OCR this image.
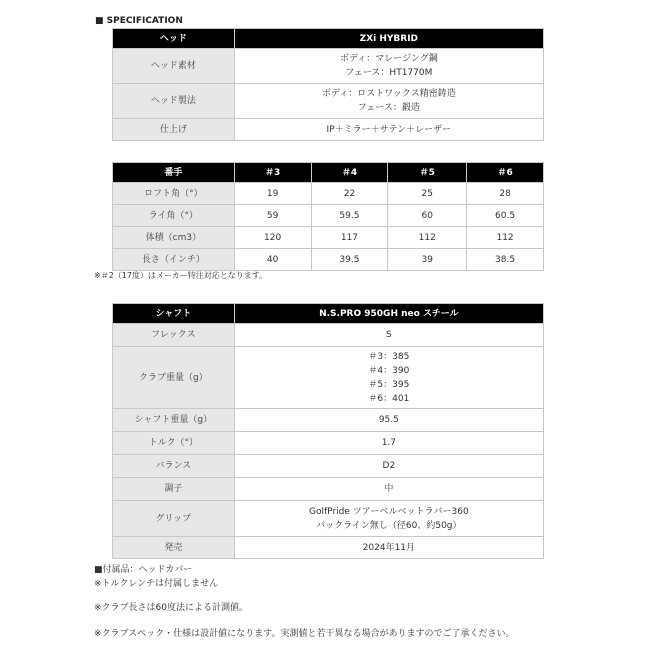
■ SPECIFICATION
ヘッド	ZXi HYBRID
ヘッド素材	ボディ：マレージング鋼
フェース：HT1770M
ヘッド製法	ボディ：ロストワックス精密鋳造
フェース：鍛造
仕上げ	IP＋ミラー＋サテン＋レーザー
番手	＃3	＃4	＃5	＃6
ロフト角（°）	19	22	25	28
ライ角（°）	59	59.5	60	60.5
体積（cm3）	120	117	112	112
長さ（インチ）	40	39.5	39	38.5
※＃2（17度）はメーカー特注対応となります。
シャフト	N.S.PRO 950GH neo スチール
フレックス	S
クラブ重量（g）	＃3：385
＃4：390
＃5：395
＃6：401
シャフト重量（g）	95.5
トルク（°）	1.7
バランス	D2
調子	中
グリップ	GolfPride ツアーベルベットラバー360
バックライン無し（径60、約50g）
発売	2024年11月
■付属品：ヘッドカバー
※トルクレンチは付属しません
※クラブ長さは60度法による計測値。
※クラブスペック・仕様は設計値になります。実測値と若干異なる場合がありますのでご了承ください。
